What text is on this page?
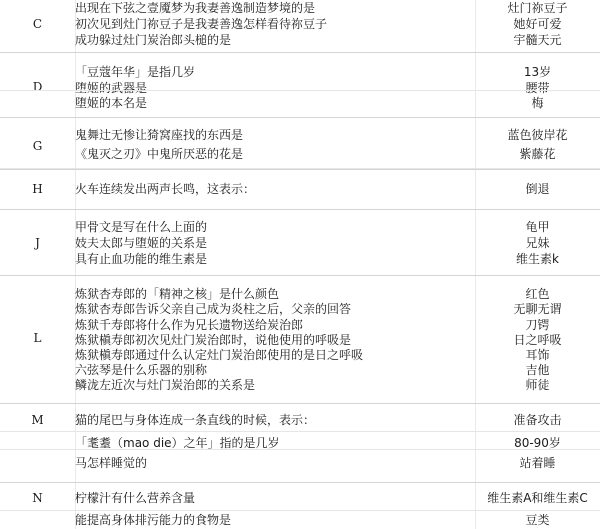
C
出现在下弦之壹魇梦为我妻善逸制造梦境的是	灶门祢豆子
初次见到灶门祢豆子是我妻善逸怎样看待祢豆子	她好可爱
成功躲过灶门炭治郎头槌的是	宇髓天元
D
「豆蔻年华」是指几岁	13岁
堕姬的武器是	腰带
堕姬的本名是	梅
G
鬼舞辻无惨让猗窝座找的东西是	蓝色彼岸花
《鬼灭之刃》中鬼所厌恶的花是	紫藤花
H	火车连续发出两声长鸣，这表示：	倒退
J
甲骨文是写在什么上面的	龟甲
妓夫太郎与堕姬的关系是	兄妹
具有止血功能的维生素是	维生素k
L
炼狱杏寿郎的「精神之核」是什么颜色	红色
炼狱杏寿郎告诉父亲自己成为炎柱之后，父亲的回答	无聊无谓
炼狱千寿郎将什么作为兄长遗物送给炭治郎	刀锷
炼狱槇寿郎初次见灶门炭治郎时，说他使用的呼吸是	日之呼吸
炼狱槇寿郎通过什么认定灶门炭治郎使用的是日之呼吸	耳饰
六弦琴是什么乐器的别称	吉他
鳞泷左近次与灶门炭治郎的关系是	师徒
M	猫的尾巴与身体连成一条直线的时候，表示：	准备攻击
「耄耋（mao die）之年」指的是几岁	80-90岁
马怎样睡觉的	站着睡
N	柠檬汁有什么营养含量	维生素A和维生素C
能提高身体排污能力的食物是	豆类
